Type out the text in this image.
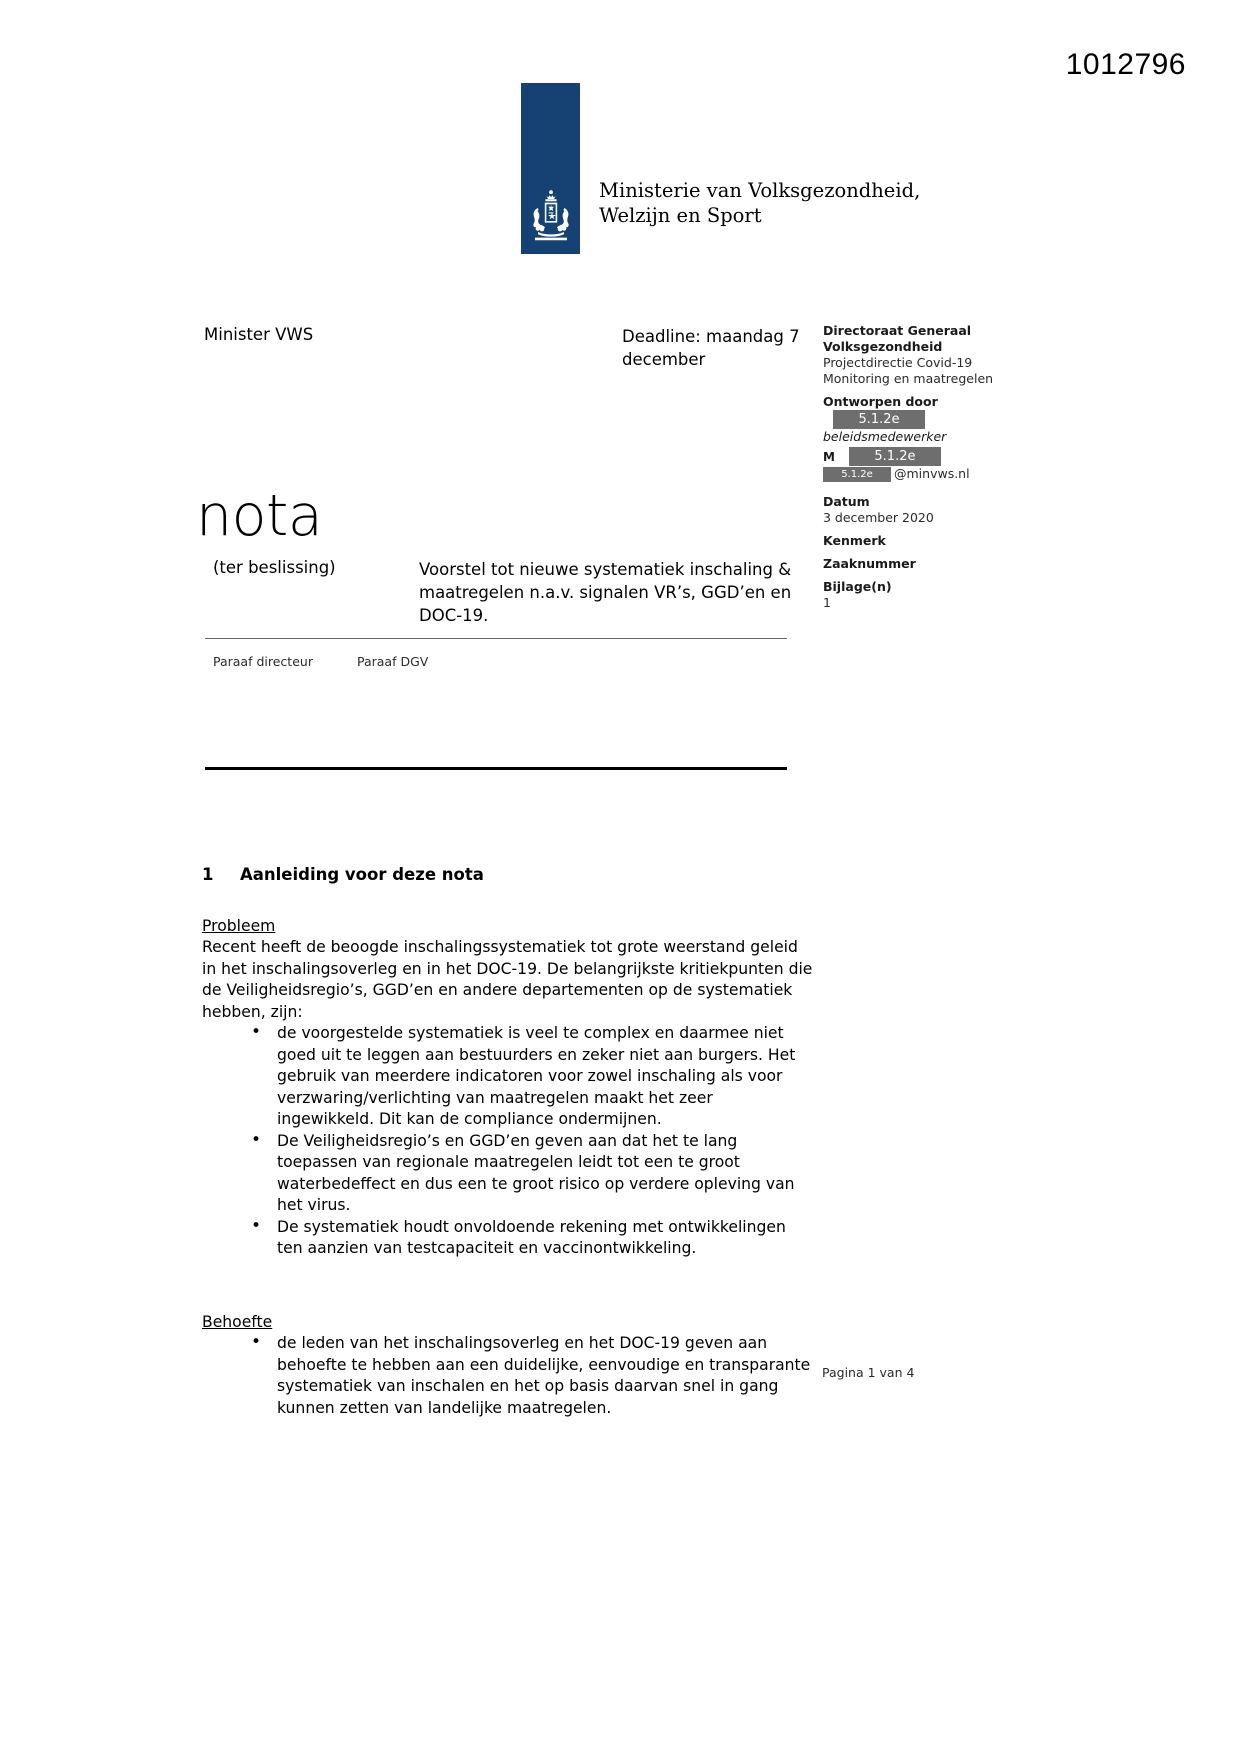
1012796
Ministerie van Volksgezondheid,
Welzijn en Sport
Minister VWS	Deadline: maandag 7 december
Directoraat Generaal
Volksgezondheid
Projectdirectie Covid-19
Monitoring en maatregelen
Ontworpen door
5.1.2e
beleidsmedewerker
M	5.1.2e
5.1.2e	@minvws.nl
Datum
3 december 2020
Kenmerk
Zaaknummer
Bijlage(n)
1
nota
(ter beslissing)	Voorstel tot nieuwe systematiek inschaling & maatregelen n.a.v. signalen VR’s, GGD’en en DOC-19.
Paraaf directeur	Paraaf DGV
1	Aanleiding voor deze nota
Probleem

Recent heeft de beoogde inschalingssystematiek tot grote weerstand geleid in het inschalingsoverleg en in het DOC-19. De belangrijkste kritiekpunten die de Veiligheidsregio’s, GGD’en en andere departementen op de systematiek hebben, zijn:

• de voorgestelde systematiek is veel te complex en daarmee niet goed uit te leggen aan bestuurders en zeker niet aan burgers. Het gebruik van meerdere indicatoren voor zowel inschaling als voor verzwaring/verlichting van maatregelen maakt het zeer ingewikkeld. Dit kan de compliance ondermijnen.
• De Veiligheidsregio’s en GGD’en geven aan dat het te lang toepassen van regionale maatregelen leidt tot een te groot waterbedeffect en dus een te groot risico op verdere opleving van het virus.
• De systematiek houdt onvoldoende rekening met ontwikkelingen ten aanzien van testcapaciteit en vaccinontwikkeling.
Behoefte
• de leden van het inschalingsoverleg en het DOC-19 geven aan behoefte te hebben aan een duidelijke, eenvoudige en transparante systematiek van inschalen en het op basis daarvan snel in gang kunnen zetten van landelijke maatregelen.
Pagina 1 van 4
